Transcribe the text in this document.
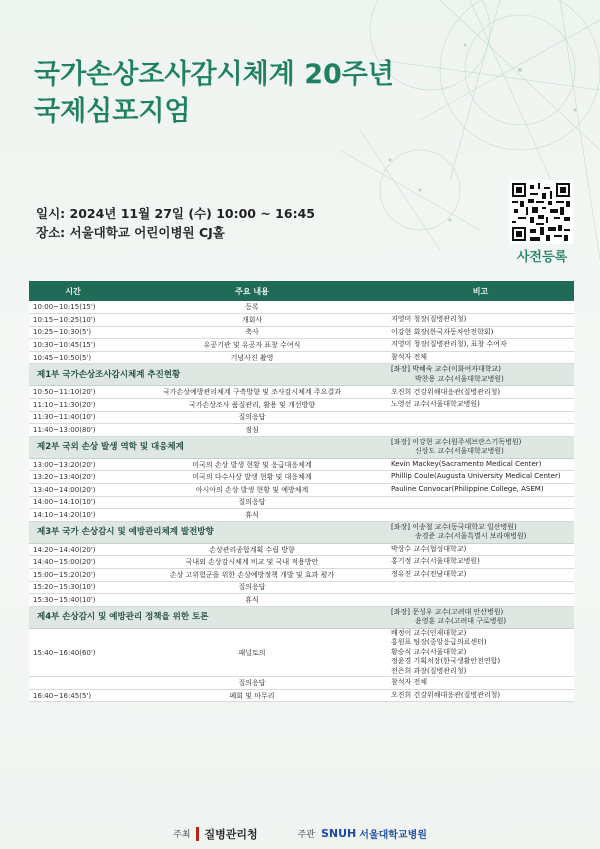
국가손상조사감시체계 20주년
국제심포지엄
일시: 2024년 11월 27일 (수) 10:00 ~ 16:45
장소: 서울대학교 어린이병원 CJ홀
사전등록
시간	주요 내용	비고
10:00~10:15(15')	등록	

10:15~10:25(10')	개회사	지영미 청장(질병관리청)

10:25~10:30(5')	축사	이강현 회장(한국자동차안전학회)

10:30~10:45(15')	유공기관 및 유공자 표창 수여식	지영미 청장(질병관리청), 표창 수여자

10:45~10:50(5')	기념사진 촬영	참석자 전체

제1부 국가손상조사감시체계 추진현황		[좌장] 박혜숙 교수(이화여자대학교)
박찬용 교수(서울대학교병원)

10:50~11:10(20')	국가손상예방관리체계 구축방향 및 조사감시체계 주요결과	오진희 건강위해대응관(질병관리청)

11:10~11:30(20')	국가손상조사 품질관리, 활용 및 개선방향	노영선 교수(서울대학교병원)

11:30~11:40(10')	질의응답	

11:40~13:00(80')	점심	

제2부 국외 손상 발생 역학 및 대응체계		[좌장] 이강현 교수(원주세브란스기독병원)
신상도 교수(서울대학교병원)

13:00~13:20(20')	미국의 손상 발생 현황 및 응급대응체계	Kevin Mackey(Sacramento Medical Center)

13:20~13:40(20')	미국의 다수사상 발생 현황 및 대응체계	Phillip Coule(Augusta University Medical Center)

13:40~14:00(20')	아시아의 손상 발생 현황 및 예방체계	Pauline Convocar(Philippine College, ASEM)

14:00~14:10(10')	질의응답	

14:10~14:20(10')	휴식	

제3부 국가 손상감시 및 예방관리체계 발전방향		[좌장] 이송철 교수(동국대학교 일산병원)
송경준 교수(서울특별시 보라매병원)

14:20~14:40(20')	손상관리종합계획 수립 방향	박상수 교수(협성대학교)

14:40~15:00(20')	국내외 손상감시체계 비교 및 국내 적용방안	홍기정 교수(서울대학교병원)

15:00~15:20(20')	손상 고위험군을 위한 손상예방정책 개발 및 효과 평가	정유진 교수(전남대학교)

15:20~15:30(10')	질의응답	

15:30~15:40(10')	휴식	

제4부 손상감시 및 예방관리 정책을 위한 토론		[좌장] 문성우 교수(고려대 안산병원)
윤영훈 교수(고려대 구로병원)

15:40~16:40(60')	패널토의	배정이 교수(인제대학교)
홍원표 팀장(중앙응급의료센터)
황승식 교수(서울대학교)
정윤경 기획처장(한국생활안전연합)
전은희 과장(질병관리청)

	질의응답	참석자 전체

16:40~16:45(5')	폐회 및 마무리	오진희 건강위해대응관(질병관리청)
주최 질병관리청	주관 SNUH 서울대학교병원
